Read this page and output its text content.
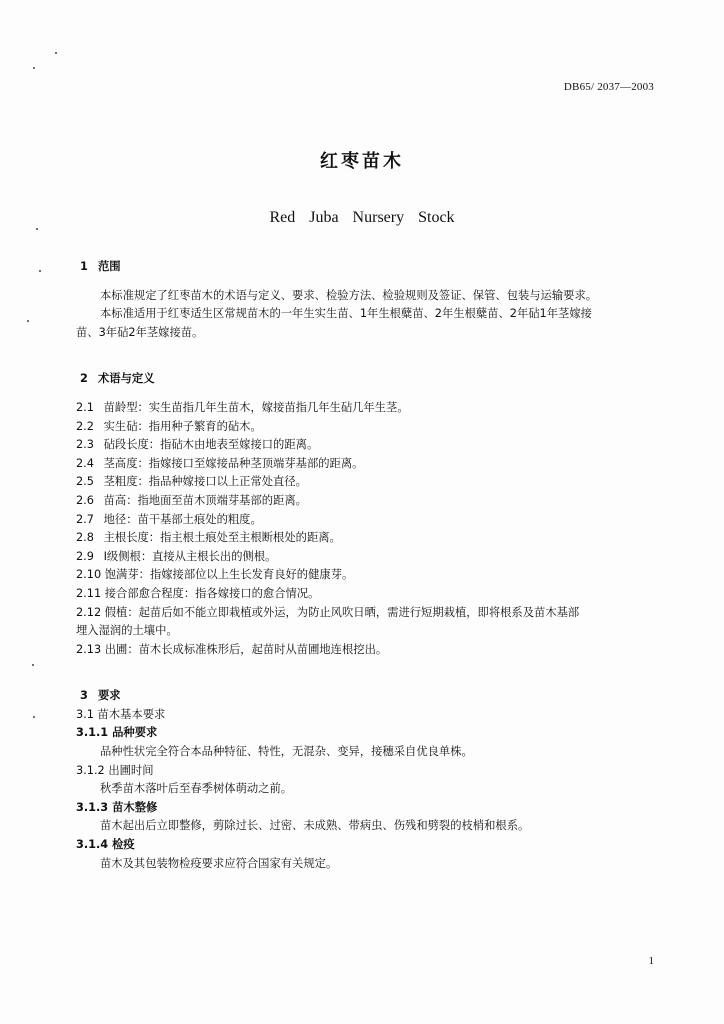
DB65/ 2037—2003
红枣苗木
Red Juba Nursery Stock
1 范围
本标准规定了红枣苗木的术语与定义、要求、检验方法、检验规则及签证、保管、包装与运输要求。
本标准适用于红枣适生区常规苗木的一年生实生苗、1年生根糵苗、2年生根糵苗、2年砧1年茎嫁接
苗、3年砧2年茎嫁接苗。
2 术语与定义
2.1 苗龄型：实生苗指几年生苗木，嫁接苗指几年生砧几年生茎。
2.2 实生砧：指用种子繁育的砧木。
2.3 砧段长度：指砧木由地表至嫁接口的距离。
2.4 茎高度：指嫁接口至嫁接品种茎顶端芽基部的距离。
2.5 茎粗度：指品种嫁接口以上正常处直径。
2.6 苗高：指地面至苗木顶端芽基部的距离。
2.7 地径：苗干基部土痕处的粗度。
2.8 主根长度：指主根土痕处至主根断根处的距离。
2.9 Ⅰ级侧根：直接从主根长出的侧根。
2.10 饱满芽：指嫁接部位以上生长发育良好的健康芽。
2.11 接合部愈合程度：指各嫁接口的愈合情况。
2.12 假植：起苗后如不能立即栽植或外运，为防止风吹日晒，需进行短期栽植，即将根系及苗木基部
埋入湿润的土壤中。
2.13 出圃：苗木长成标准株形后，起苗时从苗圃地连根挖出。
3 要求
3.1 苗木基本要求
3.1.1 品种要求
品种性状完全符合本品种特征、特性，无混杂、变异，接穗采自优良单株。
3.1.2 出圃时间
秋季苗木落叶后至春季树体萌动之前。
3.1.3 苗木整修
苗木起出后立即整修，剪除过长、过密、未成熟、带病虫、伤残和劈裂的枝梢和根系。
3.1.4 检疫
苗木及其包装物检疫要求应符合国家有关规定。
1
